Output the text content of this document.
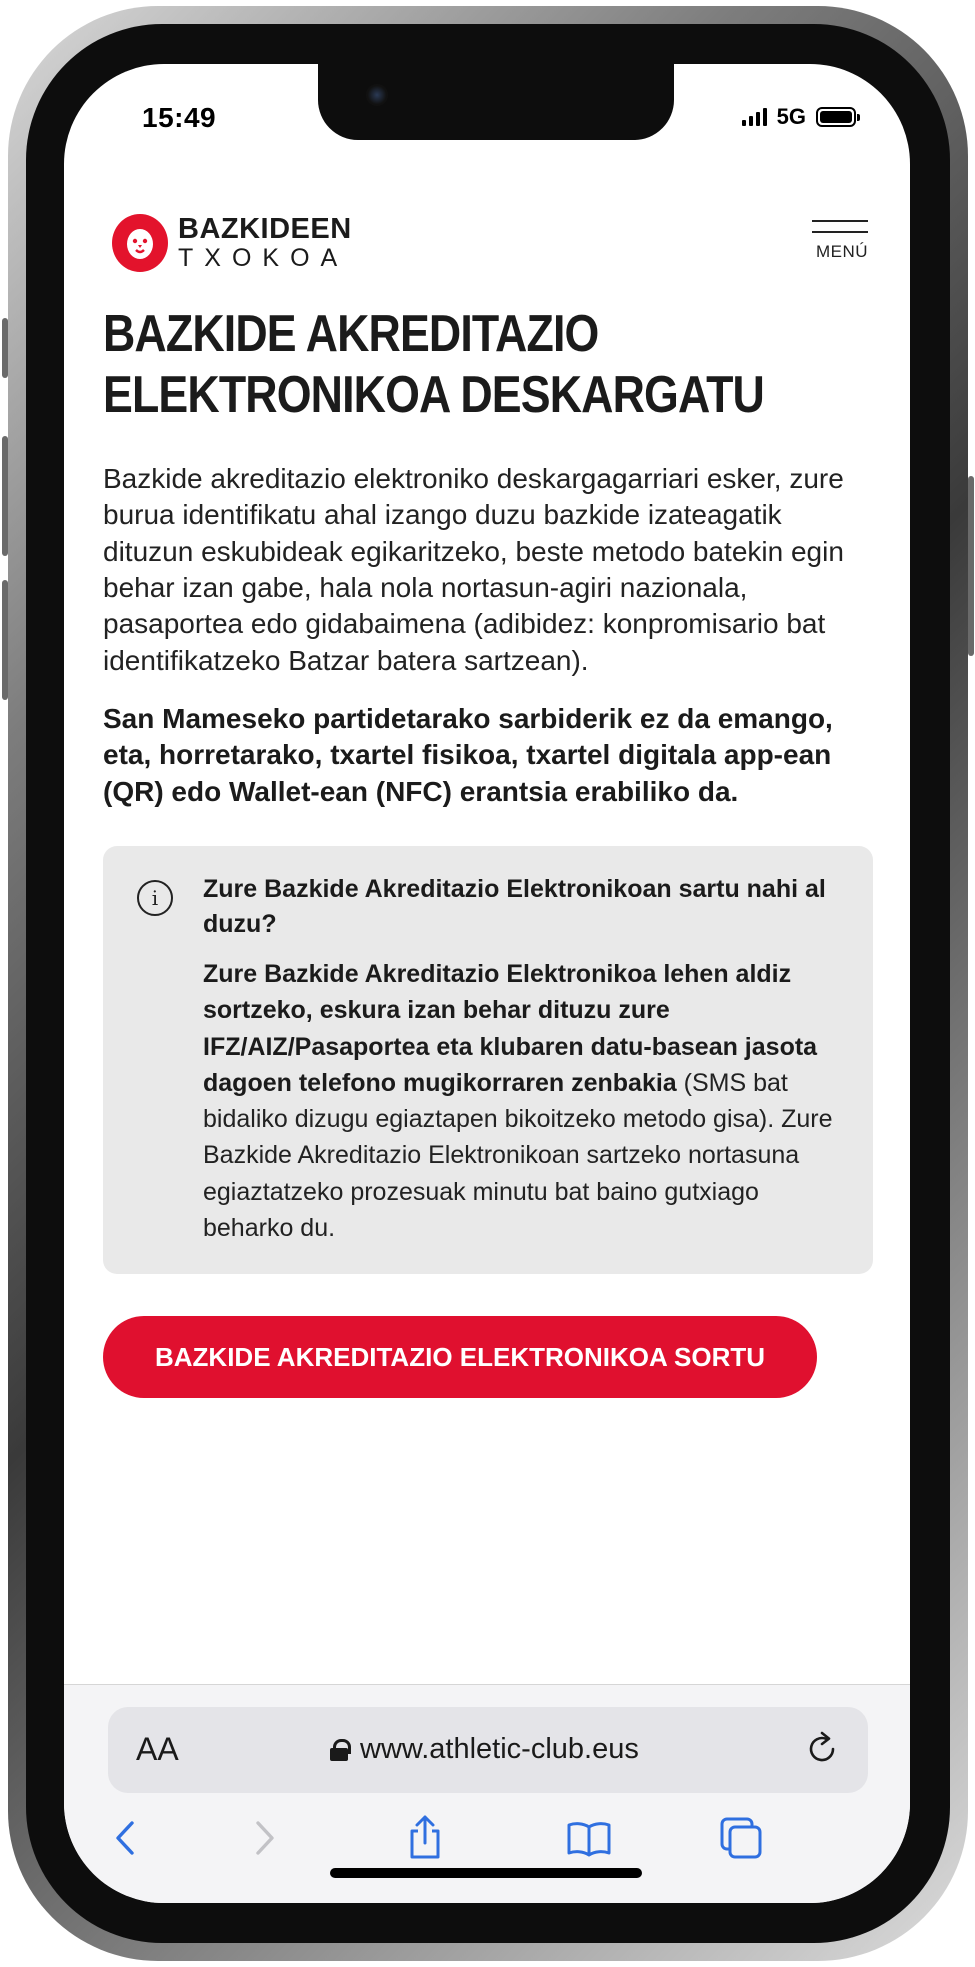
15:49	5G
BAZKIDEEN
TXOKOA	MENÚ
BAZKIDE AKREDITAZIO ELEKTRONIKOA DESKARGATU

Bazkide akreditazio elektroniko deskargagarriari esker, zure burua identifikatu ahal izango duzu bazkide izateagatik dituzun eskubideak egikaritzeko, beste metodo batekin egin behar izan gabe, hala nola nortasun-agiri nazionala, pasaportea edo gidabaimena (adibidez: konpromisario bat identifikatzeko Batzar batera sartzean).

San Mameseko partidetarako sarbiderik ez da emango, eta, horretarako, txartel fisikoa, txartel digitala app-ean (QR) edo Wallet-ean (NFC) erantsia erabiliko da.

i	Zure Bazkide Akreditazio Elektronikoan sartu nahi al duzu?
Zure Bazkide Akreditazio Elektronikoa lehen aldiz sortzeko, eskura izan behar dituzu zure IFZ/AIZ/Pasaportea eta klubaren datu-basean jasota dagoen telefono mugikorraren zenbakia (SMS bat bidaliko dizugu egiaztapen bikoitzeko metodo gisa). Zure Bazkide Akreditazio Elektronikoan sartzeko nortasuna egiaztatzeko prozesuak minutu bat baino gutxiago beharko du.
BAZKIDE AKREDITAZIO ELEKTRONIKOA SORTU
AA	www.athletic-club.eus
